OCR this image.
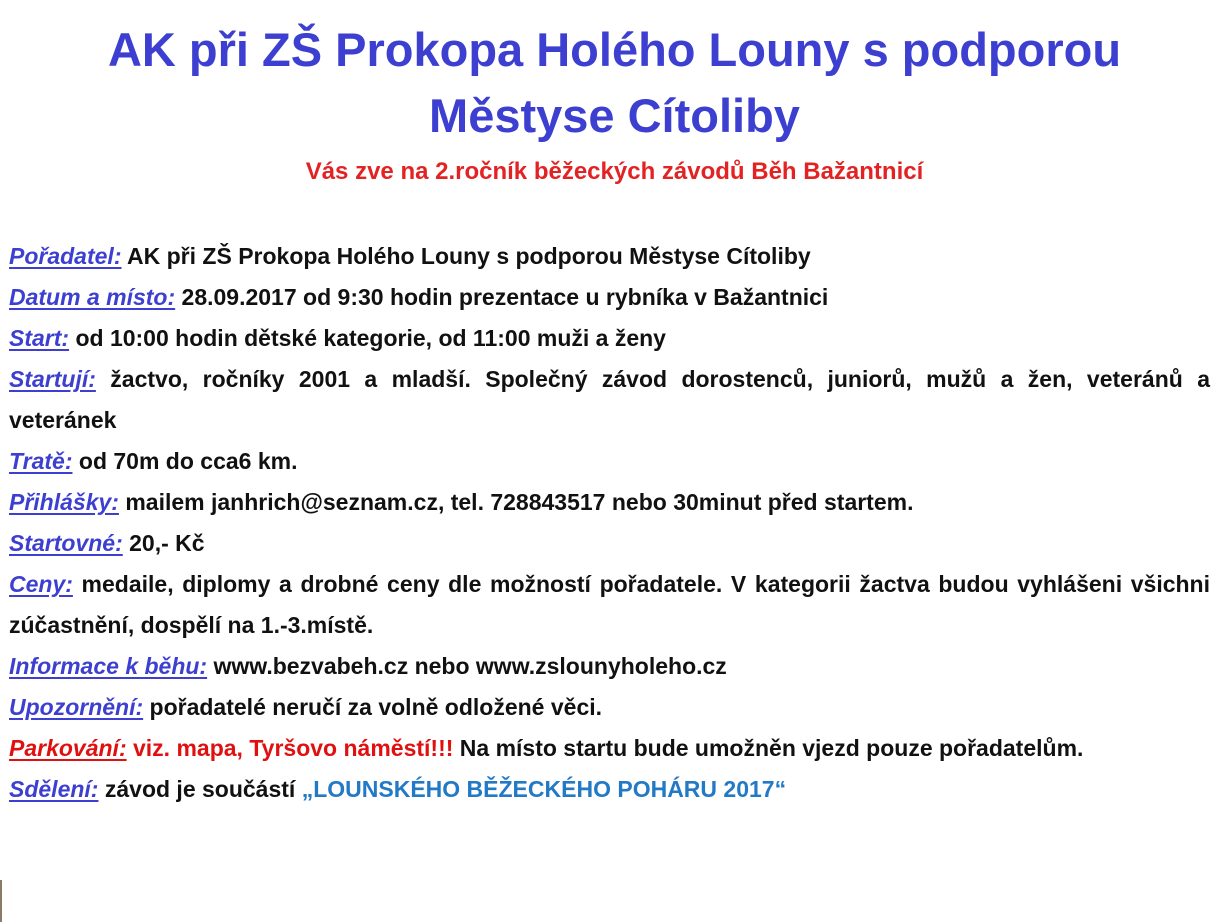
AK při ZŠ Prokopa Holého Louny s podporou
Městyse Cítoliby

Vás zve na 2.ročník běžeckých závodů Běh Bažantnicí

Pořadatel: AK při ZŠ Prokopa Holého Louny s podporou Městyse Cítoliby

Datum a místo: 28.09.2017 od 9:30 hodin prezentace u rybníka v Bažantnici

Start: od 10:00 hodin dětské kategorie, od 11:00 muži a ženy

Startují: žactvo, ročníky 2001 a mladší. Společný závod dorostenců, juniorů, mužů a žen, veteránů a veteránek

Tratě: od 70m do cca6 km.

Přihlášky: mailem janhrich@seznam.cz, tel. 728843517 nebo 30minut před startem.

Startovné: 20,- Kč

Ceny: medaile, diplomy a drobné ceny dle možností pořadatele. V kategorii žactva budou vyhlášeni všichni zúčastnění, dospělí na 1.-3.místě.

Informace k běhu: www.bezvabeh.cz nebo www.zslounyholeho.cz

Upozornění: pořadatelé neručí za volně odložené věci.

Parkování: viz. mapa, Tyršovo náměstí!!! Na místo startu bude umožněn vjezd pouze pořadatelům.

Sdělení: závod je součástí „LOUNSKÉHO BĚŽECKÉHO POHÁRU 2017“
